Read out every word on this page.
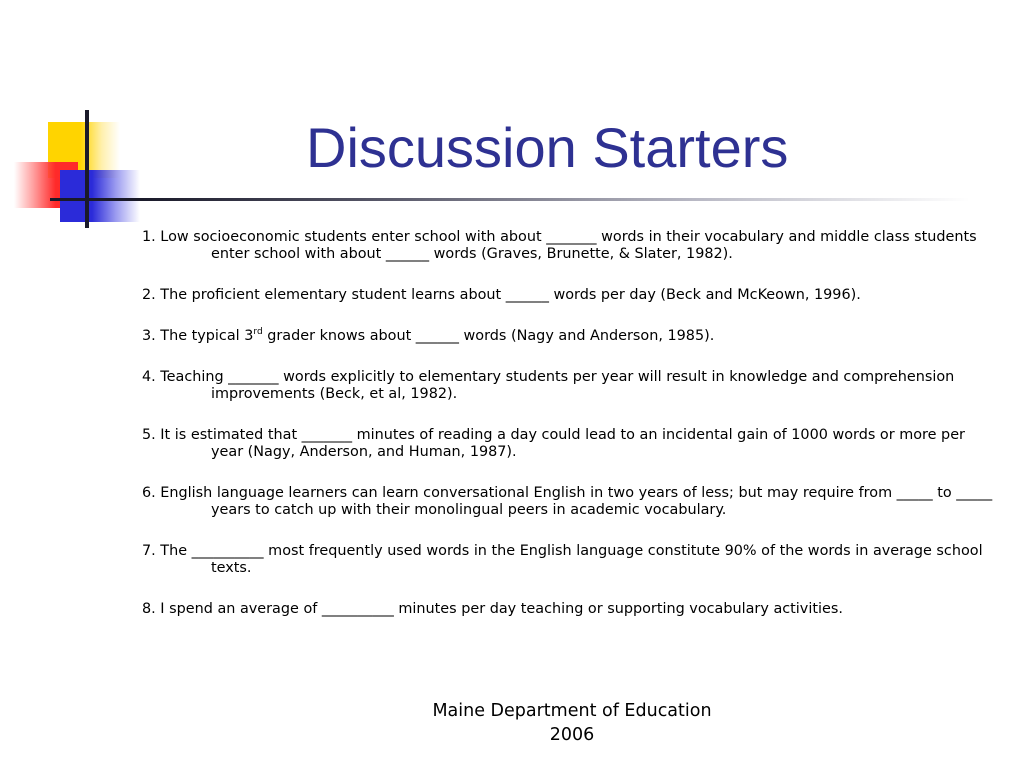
Discussion Starters
1. Low socioeconomic students enter school with about _______ words in their vocabulary and middle class students enter school with about ______ words (Graves, Brunette, & Slater, 1982).
2. The proficient elementary student learns about ______ words per day (Beck and McKeown, 1996).
3. The typical 3rd grader knows about ______ words (Nagy and Anderson, 1985).
4. Teaching _______ words explicitly to elementary students per year will result in knowledge and comprehension improvements (Beck, et al, 1982).
5. It is estimated that _______ minutes of reading a day could lead to an incidental gain of 1000 words or more per year (Nagy, Anderson, and Human, 1987).
6. English language learners can learn conversational English in two years of less; but may require from _____ to _____ years to catch up with their monolingual peers in academic vocabulary.
7. The __________ most frequently used words in the English language constitute 90% of the words in average school texts.
8. I spend an average of __________ minutes per day teaching or supporting vocabulary activities.
Maine Department of Education
2006
